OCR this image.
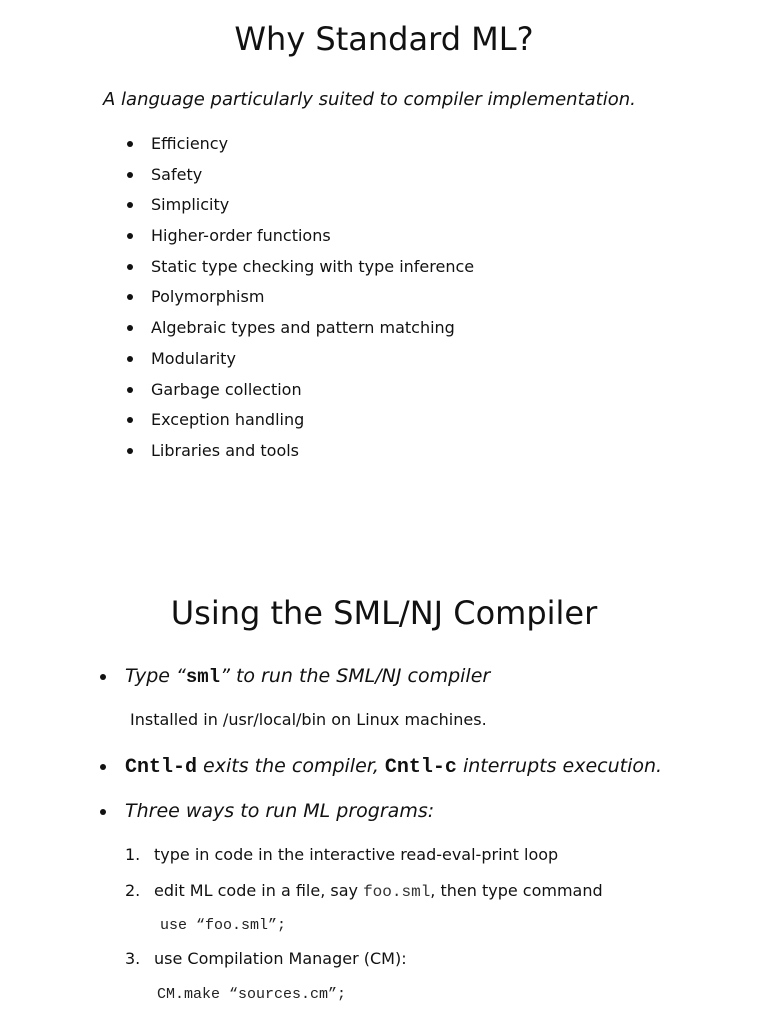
Why Standard ML?

A language particularly suited to compiler implementation.

Efficiency
Safety
Simplicity
Higher-order functions
Static type checking with type inference
Polymorphism
Algebraic types and pattern matching
Modularity
Garbage collection
Exception handling
Libraries and tools
Using the SML/NJ Compiler
Type “sml” to run the SML/NJ compiler

Installed in /usr/local/bin on Linux machines.

Cntl-d exits the compiler, Cntl-c interrupts execution.
Three ways to run ML programs:
1. type in code in the interactive read-eval-print loop
2. edit ML code in a file, say foo.sml, then type command
use “foo.sml”;
3. use Compilation Manager (CM):
CM.make “sources.cm”;
